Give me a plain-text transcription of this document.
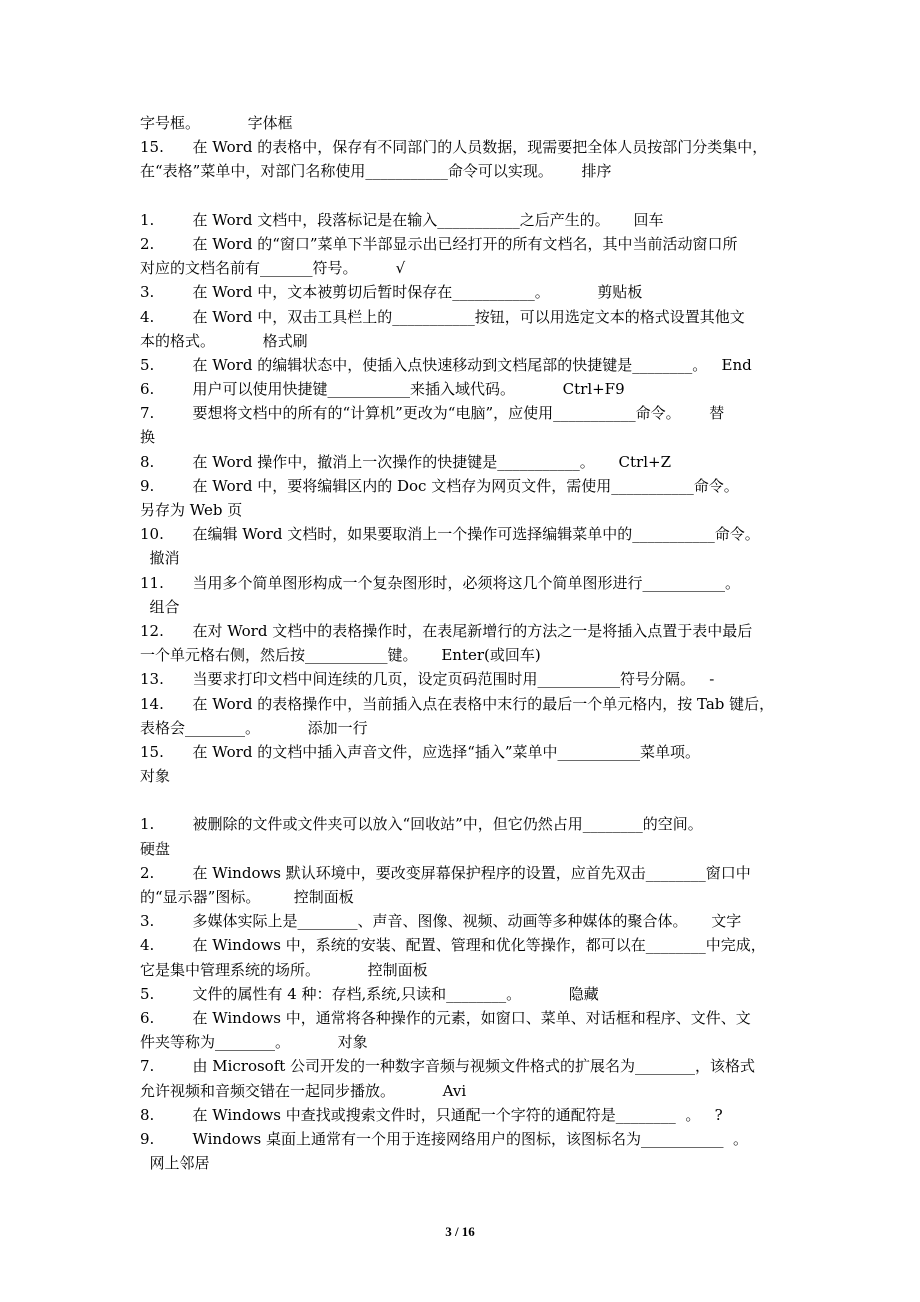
字号框。          字体框
15.      在 Word 的表格中，保存有不同部门的人员数据，现需要把全体人员按部门分类集中，
在“表格”菜单中，对部门名称使用___________命令可以实现。      排序
1.        在 Word 文档中，段落标记是在输入___________之后产生的。     回车
2.        在 Word 的“窗口”菜单下半部显示出已经打开的所有文档名，其中当前活动窗口所
对应的文档名前有_______符号。        √
3.        在 Word 中，文本被剪切后暂时保存在___________。          剪贴板
4.        在 Word 中，双击工具栏上的___________按钮，可以用选定文本的格式设置其他文
本的格式。          格式刷
5.        在 Word 的编辑状态中，使插入点快速移动到文档尾部的快捷键是________。   End
6.        用户可以使用快捷键___________来插入域代码。          Ctrl+F9
7.        要想将文档中的所有的“计算机”更改为“电脑”，应使用___________命令。      替
换
8.        在 Word 操作中，撤消上一次操作的快捷键是___________。     Ctrl+Z
9.        在 Word 中，要将编辑区内的 Doc 文档存为网页文件，需使用___________命令。
另存为 Web 页
10.      在编辑 Word 文档时，如果要取消上一个操作可选择编辑菜单中的___________命令。
撤消
11.      当用多个简单图形构成一个复杂图形时，必须将这几个简单图形进行___________。
组合
12.      在对 Word 文档中的表格操作时，在表尾新增行的方法之一是将插入点置于表中最后
一个单元格右侧，然后按___________键。     Enter(或回车)
13.      当要求打印文档中间连续的几页，设定页码范围时用___________符号分隔。   -
14.      在 Word 的表格操作中，当前插入点在表格中末行的最后一个单元格内，按 Tab 键后，
表格会________。          添加一行
15.      在 Word 的文档中插入声音文件，应选择“插入”菜单中___________菜单项。
对象
1.        被删除的文件或文件夹可以放入“回收站”中，但它仍然占用________的空间。
硬盘
2.        在 Windows 默认环境中，要改变屏幕保护程序的设置，应首先双击________窗口中
的“显示器”图标。       控制面板
3.        多媒体实际上是________、声音、图像、视频、动画等多种媒体的聚合体。     文字
4.        在 Windows 中，系统的安装、配置、管理和优化等操作，都可以在________中完成，
它是集中管理系统的场所。          控制面板
5.        文件的属性有 4 种：存档,系统,只读和________。          隐藏
6.        在 Windows 中，通常将各种操作的元素，如窗口、菜单、对话框和程序、文件、文
件夹等称为________。          对象
7.        由 Microsoft 公司开发的一种数字音频与视频文件格式的扩展名为________，该格式
允许视频和音频交错在一起同步播放。          Avi
8.        在 Windows 中查找或搜索文件时，只通配一个字符的通配符是________  。   ?
9.        Windows 桌面上通常有一个用于连接网络用户的图标，该图标名为___________  。
网上邻居
3 / 16
